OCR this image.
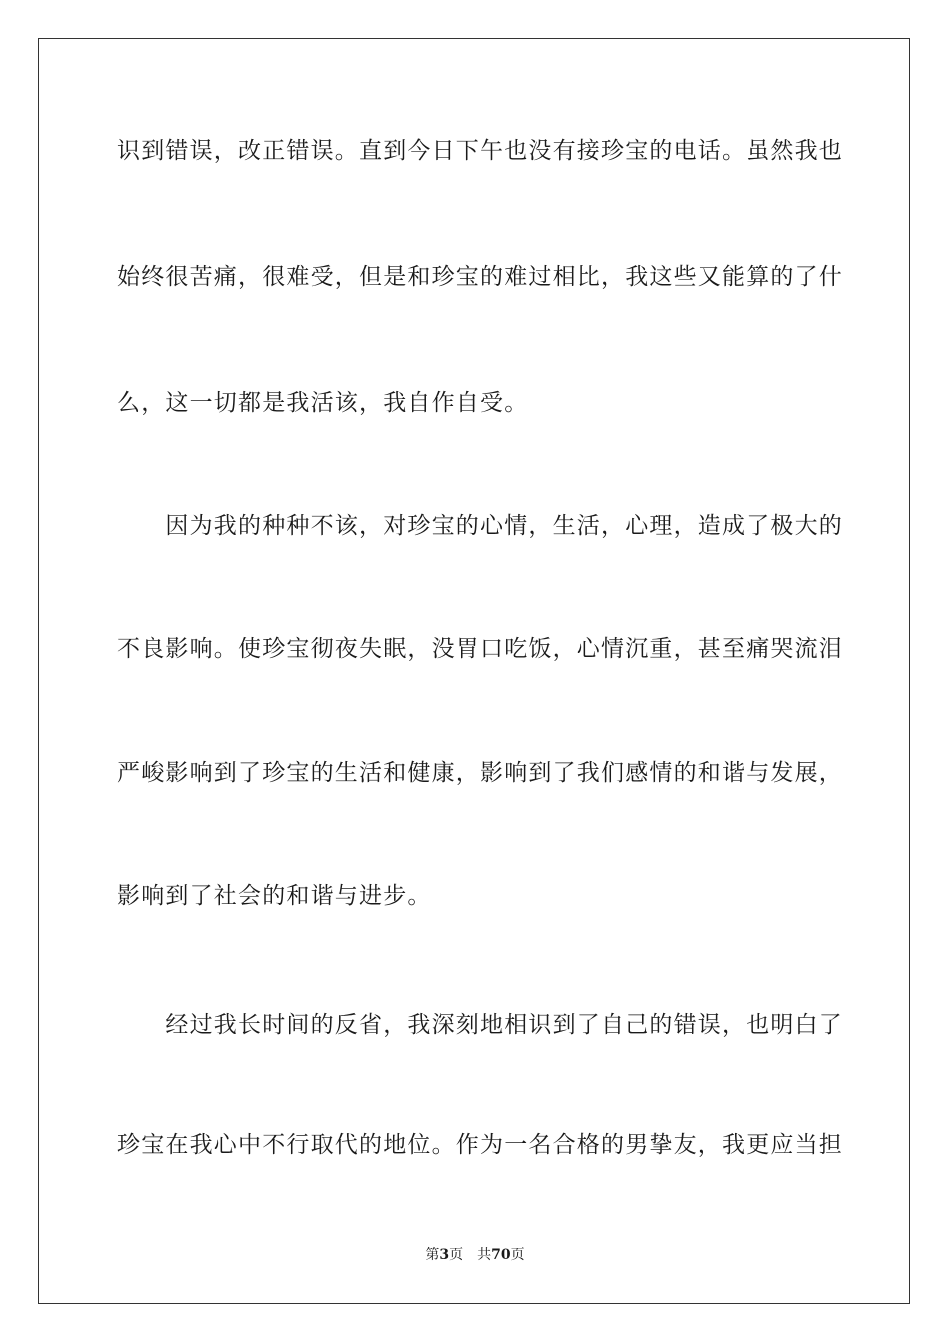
识到错误，改正错误。直到今日下午也没有接珍宝的电话。虽然我也
始终很苦痛，很难受，但是和珍宝的难过相比，我这些又能算的了什
么，这一切都是我活该，我自作自受。
　　因为我的种种不该，对珍宝的心情，生活，心理，造成了极大的
不良影响。使珍宝彻夜失眠，没胃口吃饭，心情沉重，甚至痛哭流泪
严峻影响到了珍宝的生活和健康，影响到了我们感情的和谐与发展，
影响到了社会的和谐与进步。
　　经过我长时间的反省，我深刻地相识到了自己的错误，也明白了
珍宝在我心中不行取代的地位。作为一名合格的男挚友，我更应当担
第3页 共70页
